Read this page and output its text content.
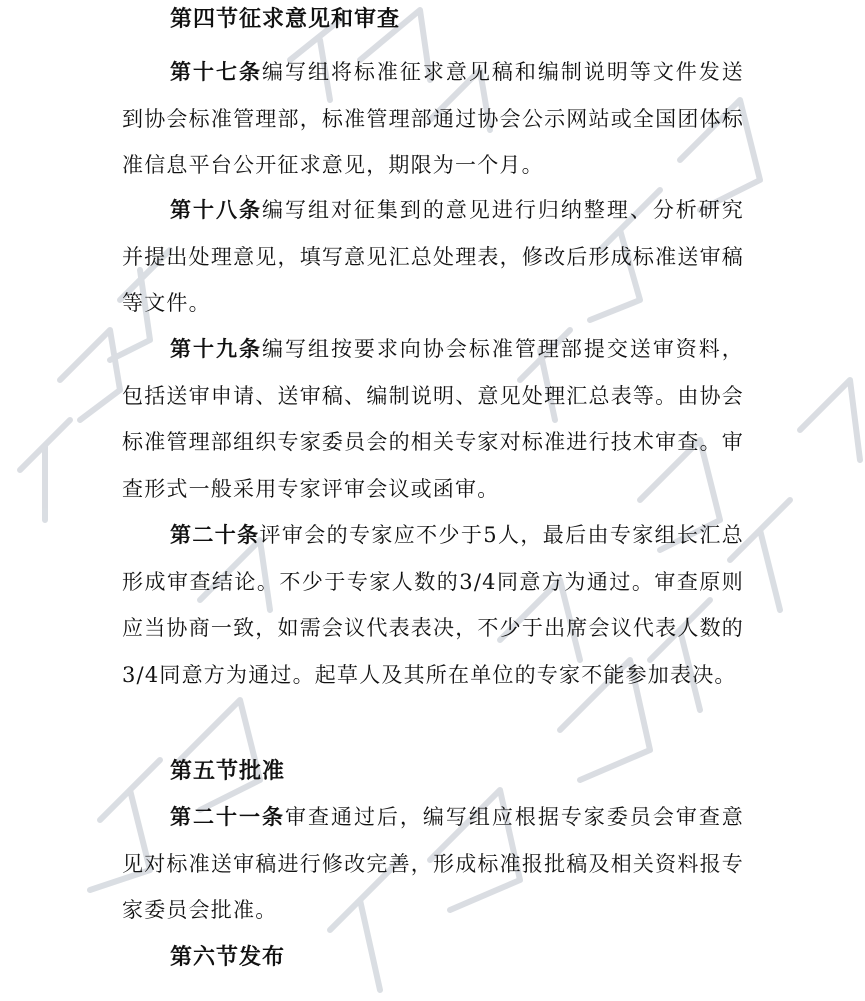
第四节征求意见和审查

第十七条编写组将标准征求意见稿和编制说明等文件发送到协会标准管理部，标准管理部通过协会公示网站或全国团体标准信息平台公开征求意见，期限为一个月。

第十八条编写组对征集到的意见进行归纳整理、分析研究并提出处理意见，填写意见汇总处理表，修改后形成标准送审稿等文件。

第十九条编写组按要求向协会标准管理部提交送审资料，包括送审申请、送审稿、编制说明、意见处理汇总表等。由协会标准管理部组织专家委员会的相关专家对标准进行技术审查。审查形式一般采用专家评审会议或函审。

第二十条评审会的专家应不少于5人，最后由专家组长汇总形成审查结论。不少于专家人数的3/4同意方为通过。审查原则应当协商一致，如需会议代表表决，不少于出席会议代表人数的3/4同意方为通过。起草人及其所在单位的专家不能参加表决。

第五节批准

第二十一条审查通过后，编写组应根据专家委员会审查意见对标准送审稿进行修改完善，形成标准报批稿及相关资料报专家委员会批准。

第六节发布
